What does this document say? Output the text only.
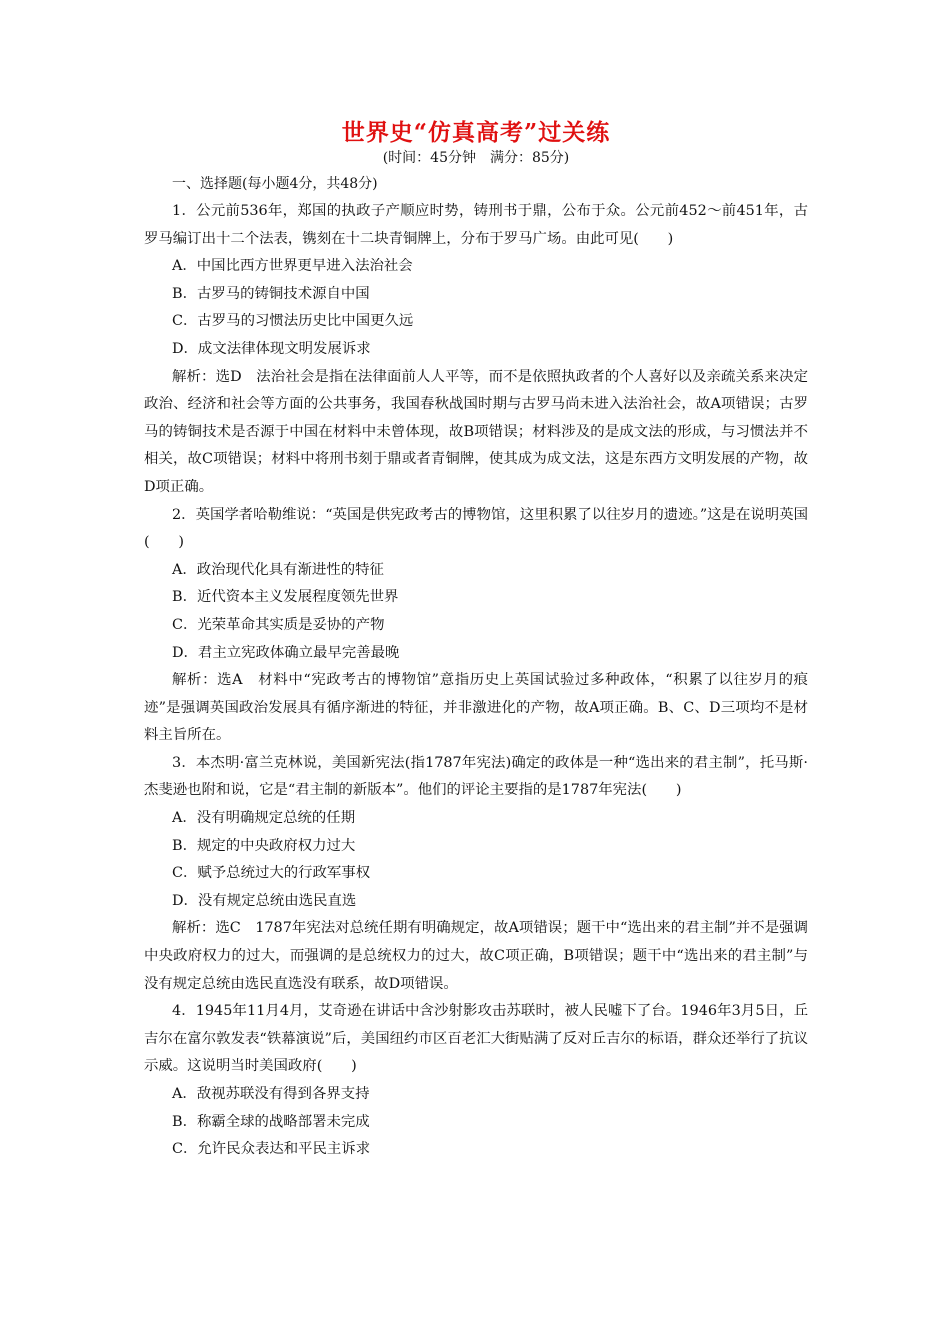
世界史“仿真高考”过关练

(时间：45分钟　满分：85分)

一、选择题(每小题4分，共48分)

1．公元前536年，郑国的执政子产顺应时势，铸刑书于鼎，公布于众。公元前452～前451年，古罗马编订出十二个法表，镌刻在十二块青铜牌上，分布于罗马广场。由此可见(　　)

A．中国比西方世界更早进入法治社会

B．古罗马的铸铜技术源自中国

C．古罗马的习惯法历史比中国更久远

D．成文法律体现文明发展诉求

解析：选D　法治社会是指在法律面前人人平等，而不是依照执政者的个人喜好以及亲疏关系来决定政治、经济和社会等方面的公共事务，我国春秋战国时期与古罗马尚未进入法治社会，故A项错误；古罗马的铸铜技术是否源于中国在材料中未曾体现，故B项错误；材料涉及的是成文法的形成，与习惯法并不相关，故C项错误；材料中将刑书刻于鼎或者青铜牌，使其成为成文法，这是东西方文明发展的产物，故D项正确。

2．英国学者哈勒维说：“英国是供宪政考古的博物馆，这里积累了以往岁月的遗迹。”这是在说明英国(　　)

A．政治现代化具有渐进性的特征

B．近代资本主义发展程度领先世界

C．光荣革命其实质是妥协的产物

D．君主立宪政体确立最早完善最晚

解析：选A　材料中“宪政考古的博物馆”意指历史上英国试验过多种政体，“积累了以往岁月的痕迹”是强调英国政治发展具有循序渐进的特征，并非激进化的产物，故A项正确。B、C、D三项均不是材料主旨所在。

3．本杰明·富兰克林说，美国新宪法(指1787年宪法)确定的政体是一种“选出来的君主制”，托马斯·杰斐逊也附和说，它是“君主制的新版本”。他们的评论主要指的是1787年宪法(　　)

A．没有明确规定总统的任期

B．规定的中央政府权力过大

C．赋予总统过大的行政军事权

D．没有规定总统由选民直选

解析：选C　1787年宪法对总统任期有明确规定，故A项错误；题干中“选出来的君主制”并不是强调中央政府权力的过大，而强调的是总统权力的过大，故C项正确，B项错误；题干中“选出来的君主制”与没有规定总统由选民直选没有联系，故D项错误。

4．1945年11月4月，艾奇逊在讲话中含沙射影攻击苏联时，被人民嘘下了台。1946年3月5日，丘吉尔在富尔敦发表“铁幕演说”后，美国纽约市区百老汇大街贴满了反对丘吉尔的标语，群众还举行了抗议示威。这说明当时美国政府(　　)

A．敌视苏联没有得到各界支持

B．称霸全球的战略部署未完成

C．允许民众表达和平民主诉求
